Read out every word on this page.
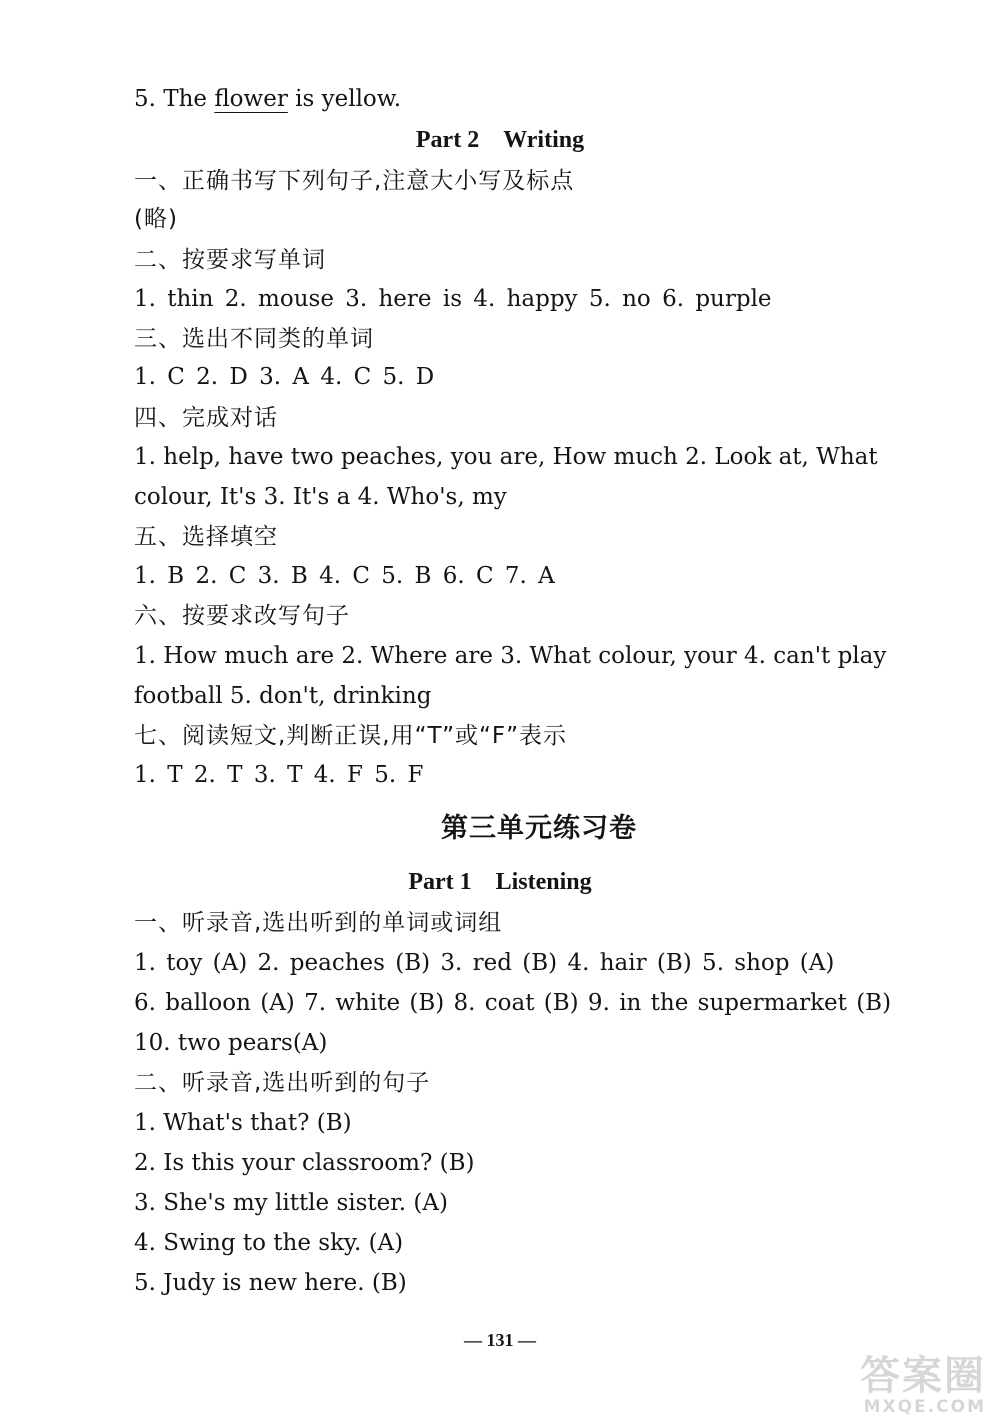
5. The flower is yellow.
Part 2　Writing
一、正确书写下列句子,注意大小写及标点
(略)
二、按要求写单词
1. thin 2. mouse 3. here is 4. happy 5. no 6. purple
三、选出不同类的单词
1. C 2. D 3. A 4. C 5. D
四、完成对话
1. help, have two peaches, you are, How much 2. Look at, What
colour, It's 3. It's a 4. Who's, my
五、选择填空
1. B 2. C 3. B 4. C 5. B 6. C 7. A
六、按要求改写句子
1. How much are 2. Where are 3. What colour, your 4. can't play
football 5. don't, drinking
七、阅读短文,判断正误,用“T”或“F”表示
1. T 2. T 3. T 4. F 5. F
第三单元练习卷
Part 1　Listening
一、听录音,选出听到的单词或词组
1. toy (A) 2. peaches (B) 3. red (B) 4. hair (B) 5. shop (A)
6. balloon (A) 7. white (B) 8. coat (B) 9. in the supermarket (B)
10. two pears(A)
二、听录音,选出听到的句子
1. What's that? (B)
2. Is this your classroom? (B)
3. She's my little sister. (A)
4. Swing to the sky. (A)
5. Judy is new here. (B)
— 131 —
答案圈
MXQE.COM
